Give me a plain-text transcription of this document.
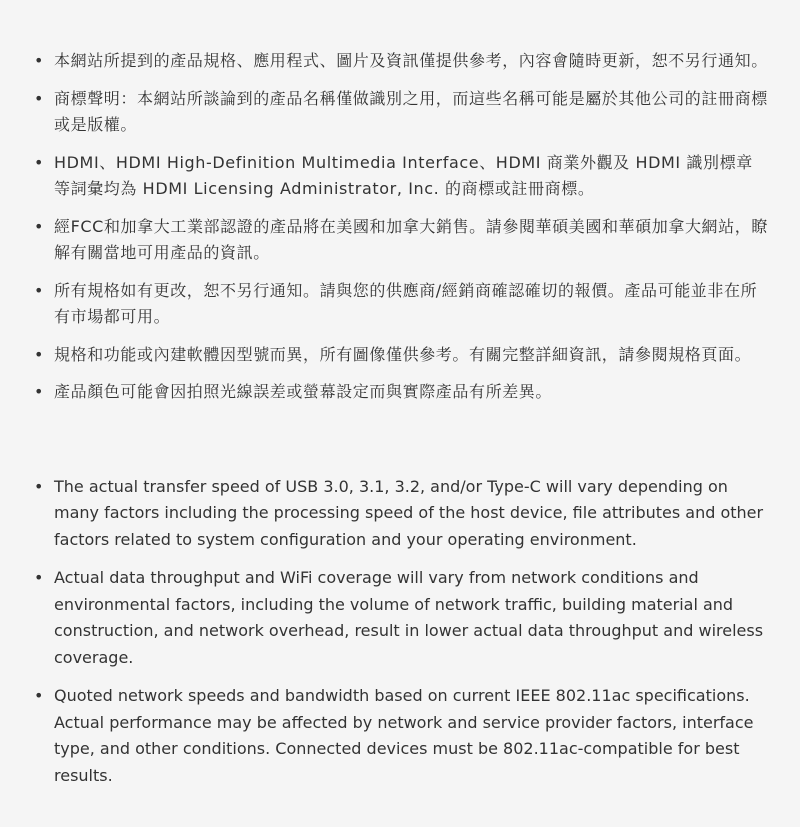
• 本網站所提到的產品規格、應用程式、圖片及資訊僅提供參考，內容會隨時更新，恕不另行通知。
• 商標聲明：本網站所談論到的產品名稱僅做識別之用，而這些名稱可能是屬於其他公司的註冊商標或是版權。
• HDMI、HDMI High-Definition Multimedia Interface、HDMI 商業外觀及 HDMI 識別標章等詞彙均為 HDMI Licensing Administrator, Inc. 的商標或註冊商標。
• 經FCC和加拿大工業部認證的產品將在美國和加拿大銷售。請參閱華碩美國和華碩加拿大網站，瞭解有關當地可用產品的資訊。
• 所有規格如有更改，恕不另行通知。請與您的供應商/經銷商確認確切的報價。產品可能並非在所有市場都可用。
• 規格和功能或內建軟體因型號而異，所有圖像僅供參考。有關完整詳細資訊，請參閱規格頁面。
• 產品顏色可能會因拍照光線誤差或螢幕設定而與實際產品有所差異。
• The actual transfer speed of USB 3.0, 3.1, 3.2, and/or Type-C will vary depending on many factors including the processing speed of the host device, file attributes and other factors related to system configuration and your operating environment.
• Actual data throughput and WiFi coverage will vary from network conditions and environmental factors, including the volume of network traffic, building material and construction, and network overhead, result in lower actual data throughput and wireless coverage.
• Quoted network speeds and bandwidth based on current IEEE 802.11ac specifications. Actual performance may be affected by network and service provider factors, interface type, and other conditions. Connected devices must be 802.11ac-compatible for best results.
